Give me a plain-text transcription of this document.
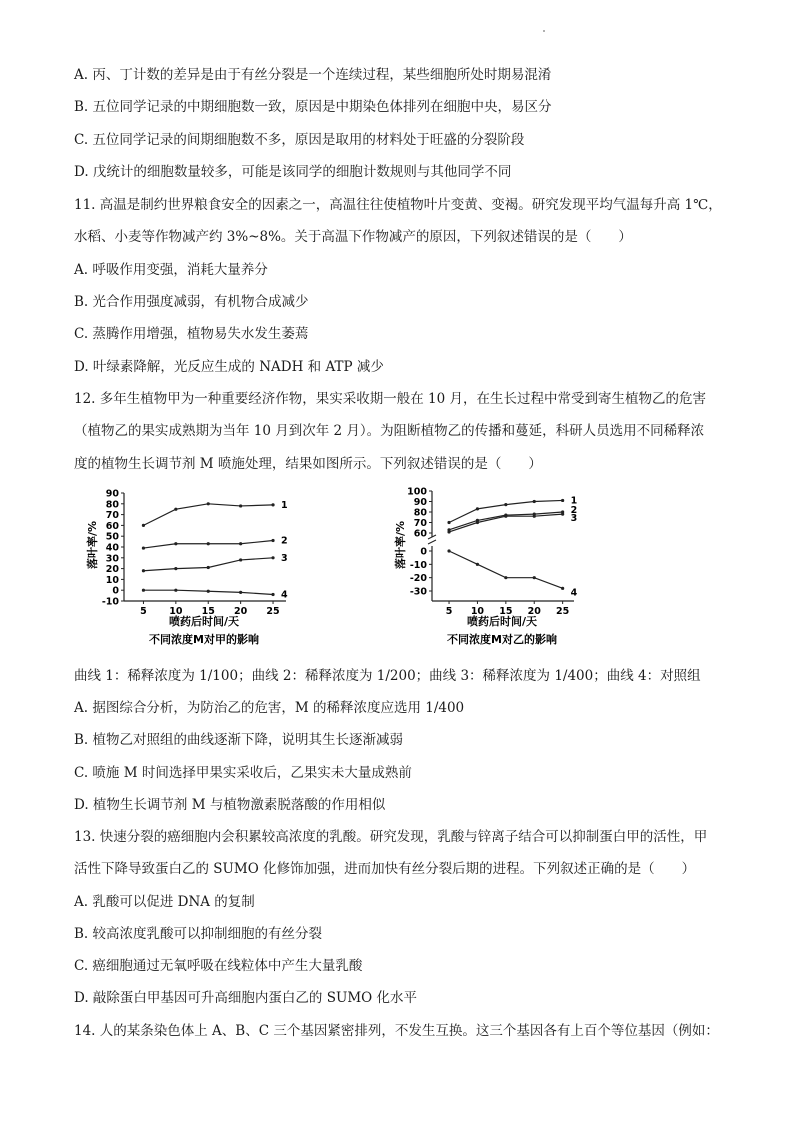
A. 丙、丁计数的差异是由于有丝分裂是一个连续过程，某些细胞所处时期易混淆
B. 五位同学记录的中期细胞数一致，原因是中期染色体排列在细胞中央，易区分
C. 五位同学记录的间期细胞数不多，原因是取用的材料处于旺盛的分裂阶段
D. 戊统计的细胞数量较多，可能是该同学的细胞计数规则与其他同学不同
11. 高温是制约世界粮食安全的因素之一，高温往往使植物叶片变黄、变褐。研究发现平均气温每升高 1℃，
水稻、小麦等作物减产约 3%~8%。关于高温下作物减产的原因，下列叙述错误的是（　　）
A. 呼吸作用变强，消耗大量养分
B. 光合作用强度减弱，有机物合成减少
C. 蒸腾作用增强，植物易失水发生萎蔫
D. 叶绿素降解，光反应生成的 NADH 和 ATP 减少
12. 多年生植物甲为一种重要经济作物，果实采收期一般在 10 月，在生长过程中常受到寄生植物乙的危害
（植物乙的果实成熟期为当年 10 月到次年 2 月）。为阻断植物乙的传播和蔓延，科研人员选用不同稀释浓
度的植物生长调节剂 M 喷施处理，结果如图所示。下列叙述错误的是（　　）
曲线 1：稀释浓度为 1/100；曲线 2：稀释浓度为 1/200；曲线 3：稀释浓度为 1/400；曲线 4：对照组
A. 据图综合分析，为防治乙的危害，M 的稀释浓度应选用 1/400
B. 植物乙对照组的曲线逐渐下降，说明其生长逐渐减弱
C. 喷施 M 时间选择甲果实采收后，乙果实未大量成熟前
D. 植物生长调节剂 M 与植物激素脱落酸的作用相似
13. 快速分裂的癌细胞内会积累较高浓度的乳酸。研究发现，乳酸与锌离子结合可以抑制蛋白甲的活性，甲
活性下降导致蛋白乙的 SUMO 化修饰加强，进而加快有丝分裂后期的进程。下列叙述正确的是（　　）
A. 乳酸可以促进 DNA 的复制
B. 较高浓度乳酸可以抑制细胞的有丝分裂
C. 癌细胞通过无氧呼吸在线粒体中产生大量乳酸
D. 敲除蛋白甲基因可升高细胞内蛋白乙的 SUMO 化水平
14. 人的某条染色体上 A、B、C 三个基因紧密排列，不发生互换。这三个基因各有上百个等位基因（例如：
-10
0
10
20
30
40
50
60
70
80
90
5 10 15 20 25
1
2
3
4
落叶率/%
喷药后时间/天
不同浓度M对甲的影响
60
70
80
90
100
-30
-20
-10
0
5 10 15 20 25
1
2
3
4
落叶率/%
喷药后时间/天
不同浓度M对乙的影响
